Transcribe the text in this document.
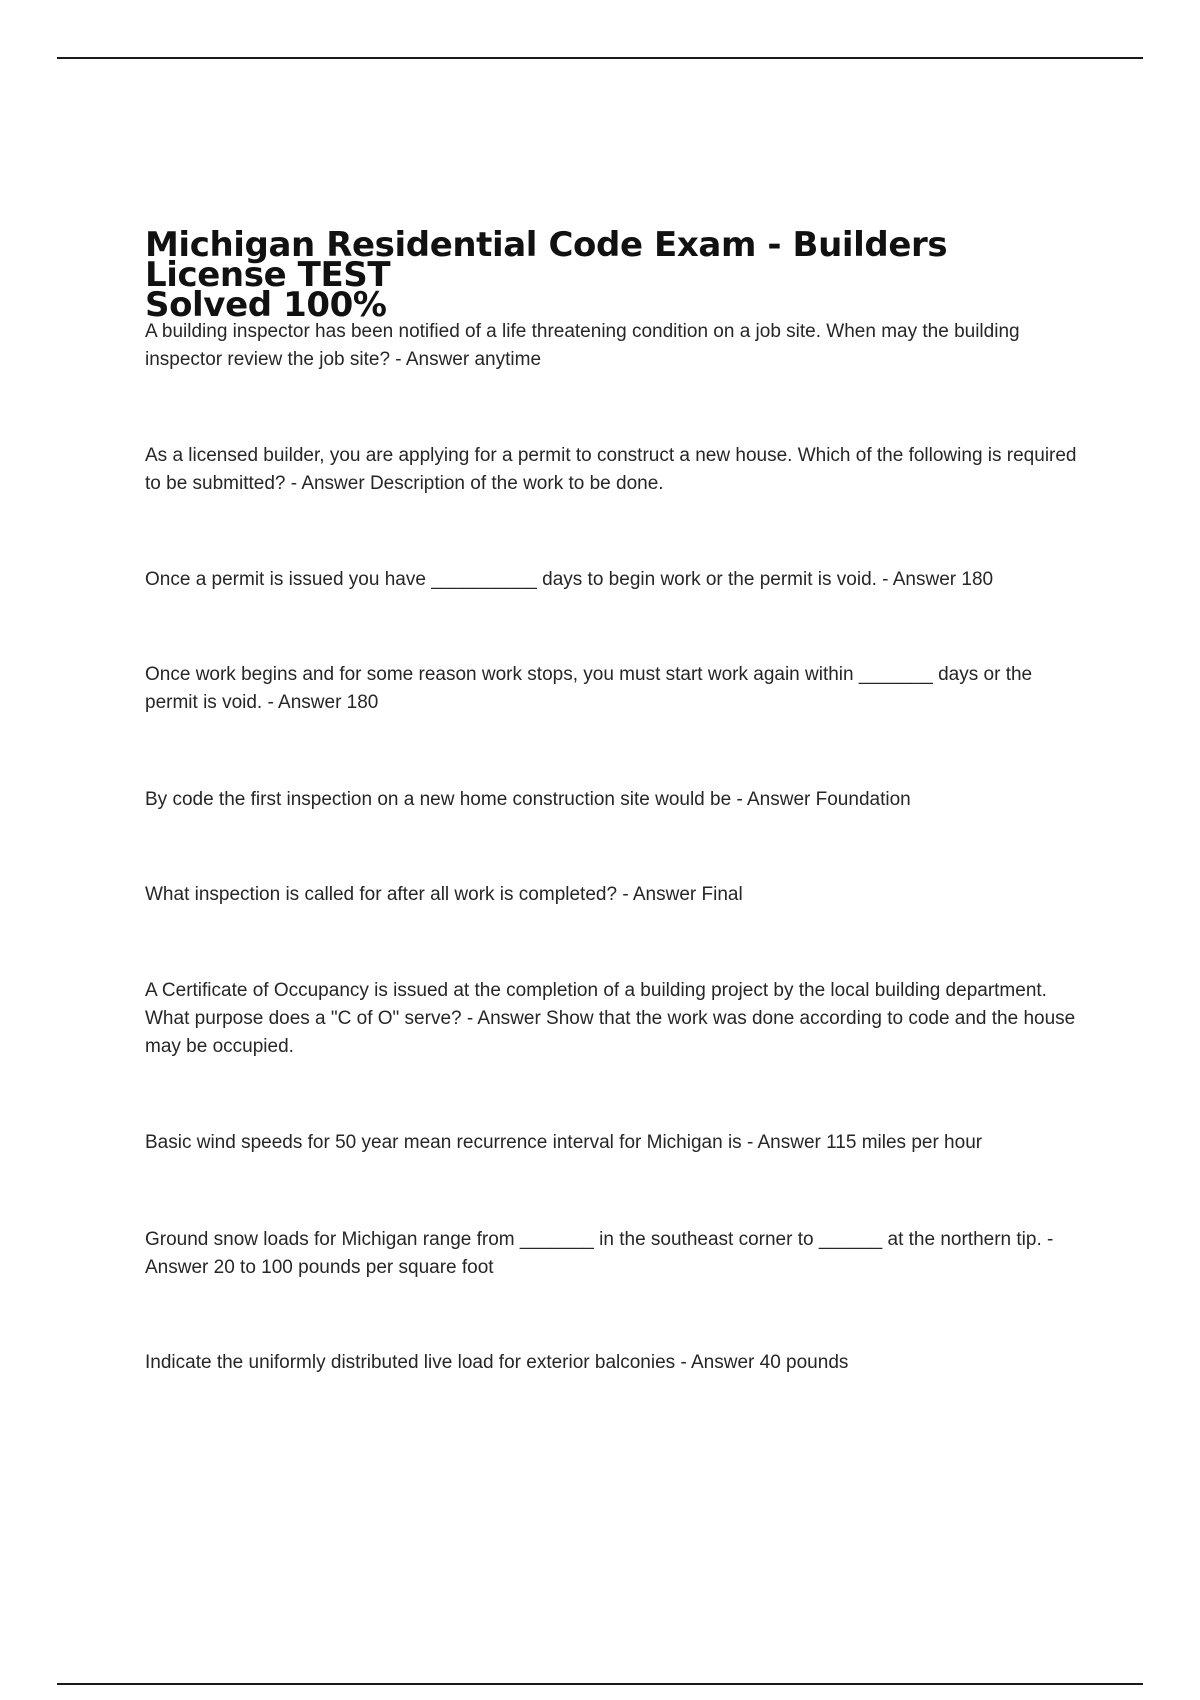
Michigan Residential Code Exam - Builders License TEST
Solved 100%
A building inspector has been notified of a life threatening condition on a job site. When may the building inspector review the job site? - Answer anytime
As a licensed builder, you are applying for a permit to construct a new house. Which of the following is required to be submitted? - Answer Description of the work to be done.
Once a permit is issued you have __________ days to begin work or the permit is void. - Answer 180
Once work begins and for some reason work stops, you must start work again within _______ days or the permit is void. - Answer 180
By code the first inspection on a new home construction site would be - Answer Foundation
What inspection is called for after all work is completed? - Answer Final
A Certificate of Occupancy is issued at the completion of a building project by the local building department. What purpose does a "C of O" serve? - Answer Show that the work was done according to code and the house may be occupied.
Basic wind speeds for 50 year mean recurrence interval for Michigan is - Answer 115 miles per hour
Ground snow loads for Michigan range from _______ in the southeast corner to ______ at the northern tip. - Answer 20 to 100 pounds per square foot
Indicate the uniformly distributed live load for exterior balconies - Answer 40 pounds
